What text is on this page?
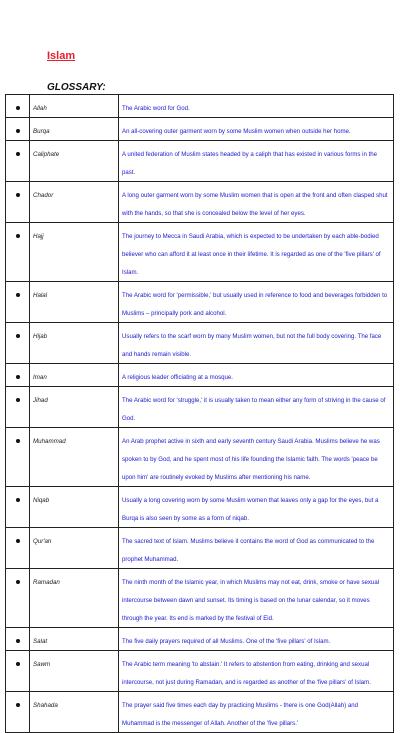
Islam
GLOSSARY:
	Allah	The Arabic word for God.
	Burqa	An all-covering outer garment worn by some Muslim women when outside her home.
	Caliphate	A united federation of Muslim states headed by a caliph that has existed in various forms in the past.
	Chador	A long outer garment worn by some Muslim women that is open at the front and often clasped shut with the hands, so that she is concealed below the level of her eyes.
	Hajj	The journey to Mecca in Saudi Arabia, which is expected to be undertaken by each able-bodied believer who can afford it at least once in their lifetime. It is regarded as one of the 'five pillars' of Islam.
	Halal	The Arabic word for 'permissible,' but usually used in reference to food and beverages forbidden to Muslims – principally pork and alcohol.
	Hijab	Usually refers to the scarf worn by many Muslim women, but not the full body covering. The face and hands remain visible.
	Iman	A religious leader officiating at a mosque.
	Jihad	The Arabic word for 'struggle,' it is usually taken to mean either any form of striving in the cause of God.
	Muhammad	An Arab prophet active in sixth and early seventh century Saudi Arabia. Muslims believe he was spoken to by God, and he spent most of his life founding the Islamic faith. The words 'peace be upon him' are routinely evoked by Muslims after mentioning his name.
	Niqab	Usually a long covering worn by some Muslim women that leaves only a gap for the eyes, but a Burqa is also seen by some as a form of niqab.
	Qur'an	The sacred text of Islam. Muslims believe it contains the word of God as communicated to the prophet Muhammad.
	Ramadan	The ninth month of the Islamic year, in which Muslims may not eat, drink, smoke or have sexual intercourse between dawn and sunset. Its timing is based on the lunar calendar, so it moves through the year. Its end is marked by the festival of Eid.
	Salat	The five daily prayers required of all Muslims. One of the 'five pillars' of Islam.
	Sawm	The Arabic term meaning 'to abstain.' It refers to abstention from eating, drinking and sexual intercourse, not just during Ramadan, and is regarded as another of the 'five pillars' of Islam.
	Shahada	The prayer said five times each day by practicing Muslims - there is one God(Allah) and Muhammad is the messenger of Allah. Another of the 'five pillars.'
